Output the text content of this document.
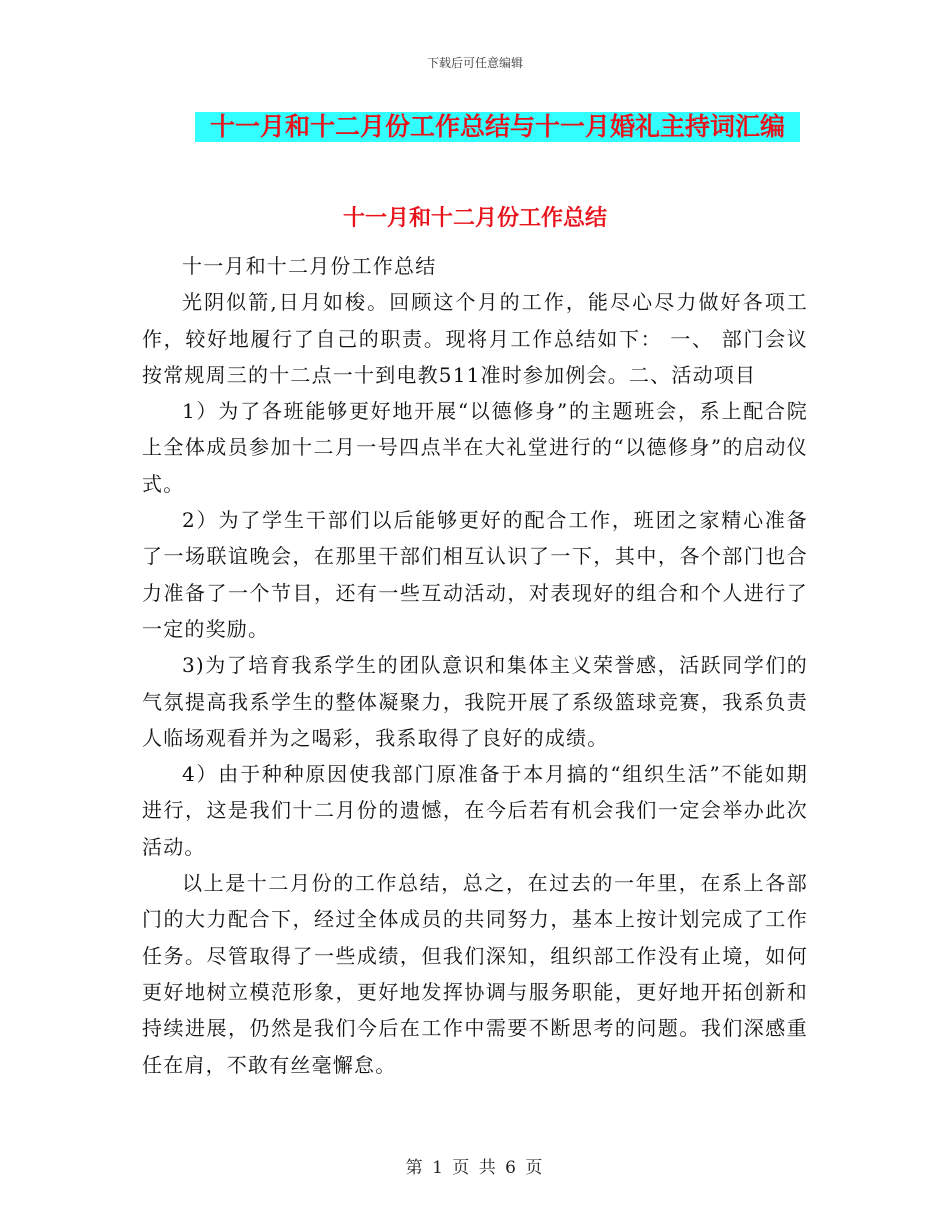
下载后可任意编辑
十一月和十二月份工作总结与十一月婚礼主持词汇编
十一月和十二月份工作总结

十一月和十二月份工作总结

光阴似箭,日月如梭。回顾这个月的工作，能尽心尽力做好各项工作，较好地履行了自己的职责。现将月工作总结如下： 一、 部门会议按常规周三的十二点一十到电教511准时参加例会。二、活动项目

1）为了各班能够更好地开展“以德修身”的主题班会，系上配合院上全体成员参加十二月一号四点半在大礼堂进行的“以德修身”的启动仪式。

2）为了学生干部们以后能够更好的配合工作，班团之家精心准备了一场联谊晚会，在那里干部们相互认识了一下，其中，各个部门也合力准备了一个节目，还有一些互动活动，对表现好的组合和个人进行了一定的奖励。

3)为了培育我系学生的团队意识和集体主义荣誉感，活跃同学们的气氛提高我系学生的整体凝聚力，我院开展了系级篮球竞赛，我系负责人临场观看并为之喝彩，我系取得了良好的成绩。

4）由于种种原因使我部门原准备于本月搞的“组织生活”不能如期进行，这是我们十二月份的遗憾，在今后若有机会我们一定会举办此次活动。

以上是十二月份的工作总结，总之，在过去的一年里，在系上各部门的大力配合下，经过全体成员的共同努力，基本上按计划完成了工作任务。尽管取得了一些成绩，但我们深知，组织部工作没有止境，如何更好地树立模范形象，更好地发挥协调与服务职能，更好地开拓创新和持续进展，仍然是我们今后在工作中需要不断思考的问题。我们深感重任在肩，不敢有丝毫懈怠。

第 1 页 共 6 页
